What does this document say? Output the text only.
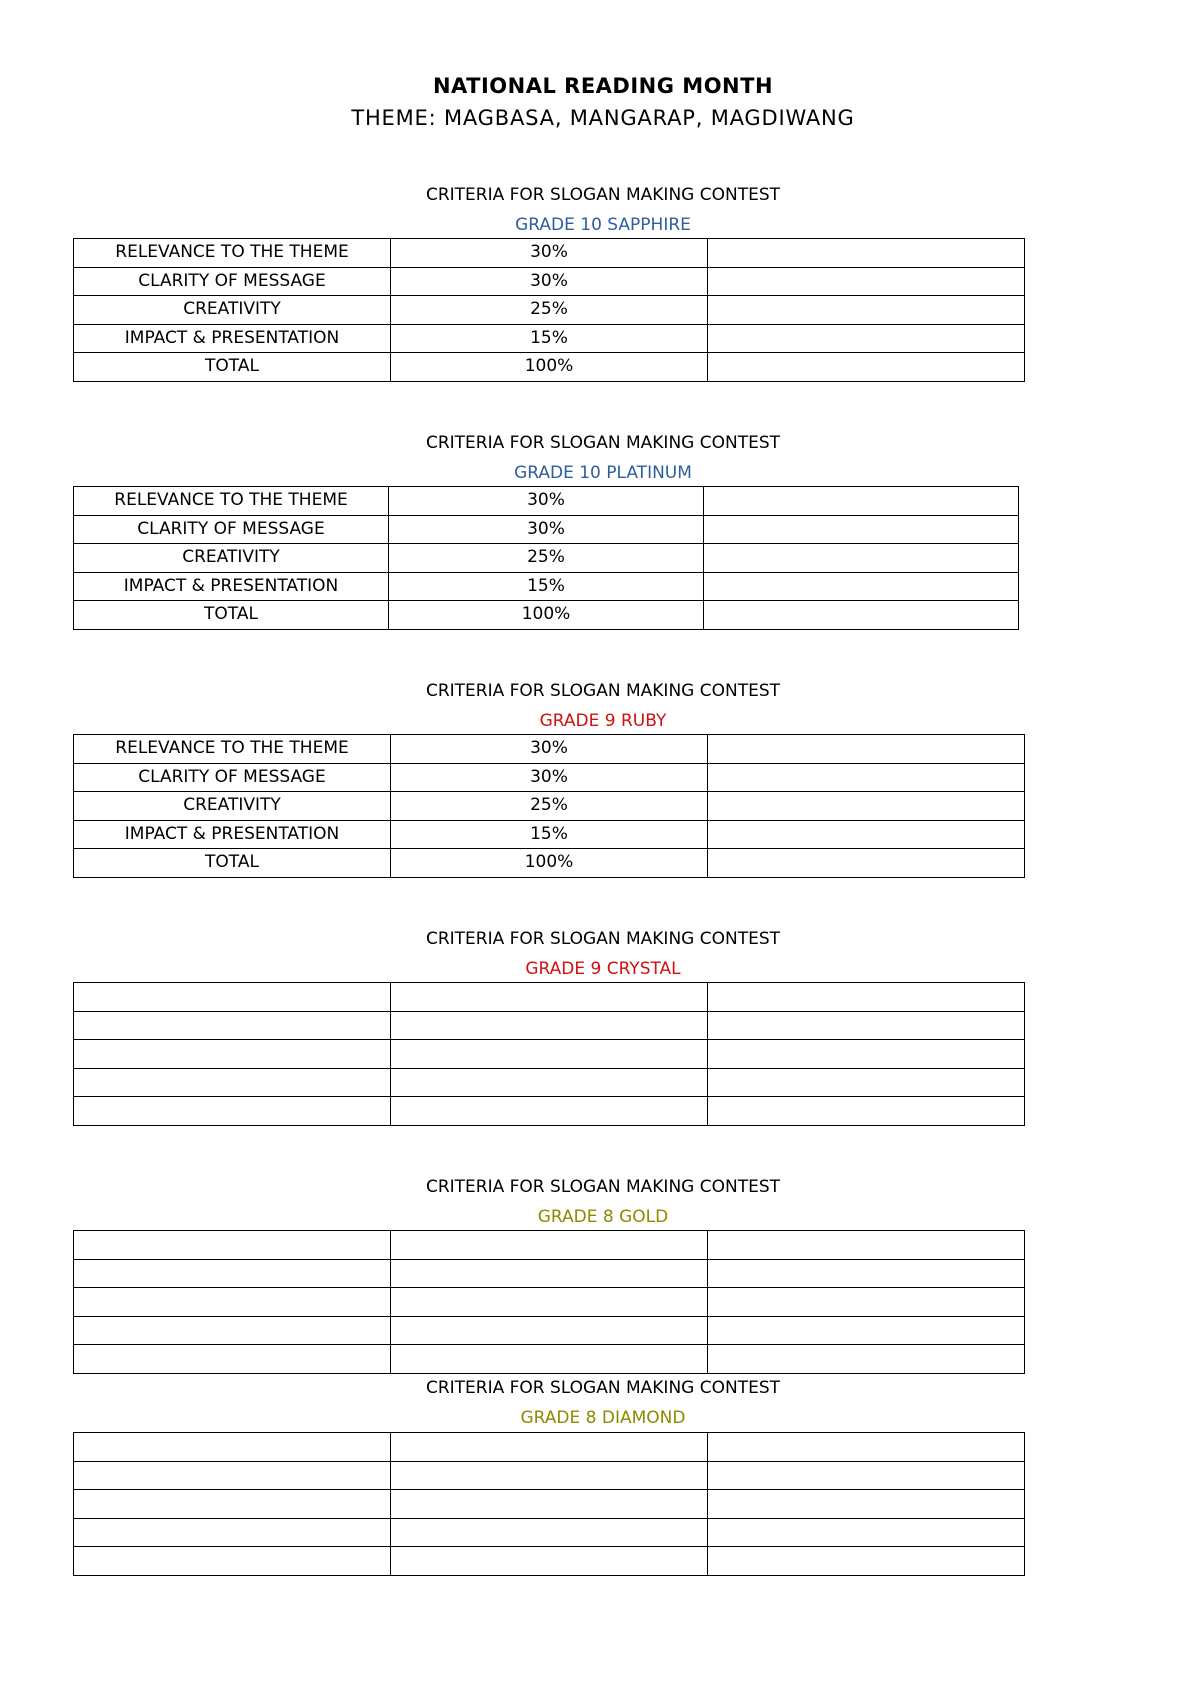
NATIONAL READING MONTH
THEME: MAGBASA, MANGARAP, MAGDIWANG
CRITERIA FOR SLOGAN MAKING CONTEST
GRADE 10 SAPPHIRE
RELEVANCE TO THE THEME	30%	
CLARITY OF MESSAGE	30%	
CREATIVITY	25%	
IMPACT & PRESENTATION	15%	
TOTAL	100%	
CRITERIA FOR SLOGAN MAKING CONTEST
GRADE 10 PLATINUM
RELEVANCE TO THE THEME	30%	
CLARITY OF MESSAGE	30%	
CREATIVITY	25%	
IMPACT & PRESENTATION	15%	
TOTAL	100%	
CRITERIA FOR SLOGAN MAKING CONTEST
GRADE 9 RUBY
RELEVANCE TO THE THEME	30%	
CLARITY OF MESSAGE	30%	
CREATIVITY	25%	
IMPACT & PRESENTATION	15%	
TOTAL	100%	
CRITERIA FOR SLOGAN MAKING CONTEST
GRADE 9 CRYSTAL

CRITERIA FOR SLOGAN MAKING CONTEST
GRADE 8 GOLD

CRITERIA FOR SLOGAN MAKING CONTEST
GRADE 8 DIAMOND
